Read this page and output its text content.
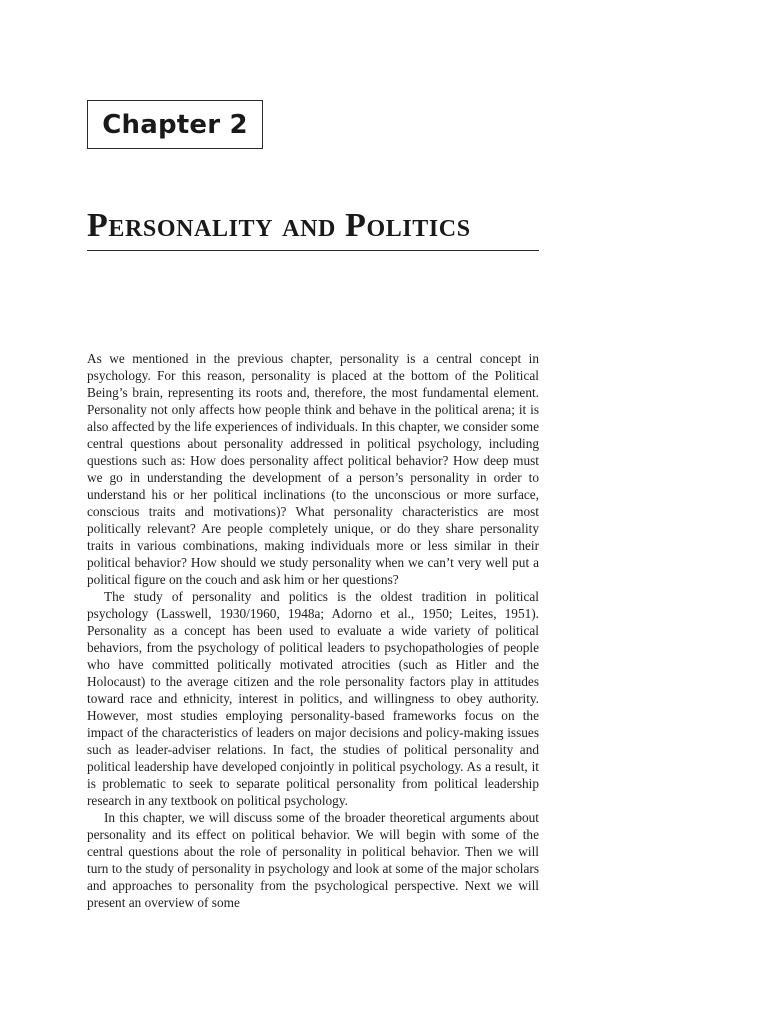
Chapter 2
Personality and Politics

As we mentioned in the previous chapter, personality is a central concept in psychology. For this reason, personality is placed at the bottom of the Political Being’s brain, representing its roots and, therefore, the most fundamental element. Personality not only affects how people think and behave in the political arena; it is also affected by the life experiences of individuals. In this chapter, we consider some central questions about personality addressed in political psychology, including questions such as: How does personality affect political behavior? How deep must we go in understanding the development of a person’s personality in order to understand his or her political inclinations (to the unconscious or more surface, conscious traits and motivations)? What personality characteristics are most politically relevant? Are people completely unique, or do they share personality traits in various combinations, making individuals more or less similar in their political behavior? How should we study personality when we can’t very well put a political figure on the couch and ask him or her questions?

The study of personality and politics is the oldest tradition in political psychology (Lasswell, 1930/1960, 1948a; Adorno et al., 1950; Leites, 1951). Personality as a concept has been used to evaluate a wide variety of political behaviors, from the psychology of political leaders to psychopathologies of people who have committed politically motivated atrocities (such as Hitler and the Holocaust) to the average citizen and the role personality factors play in attitudes toward race and ethnicity, interest in politics, and willingness to obey authority. However, most studies employing personality-based frameworks focus on the impact of the characteristics of leaders on major decisions and policy-making issues such as leader-adviser relations. In fact, the studies of political personality and political leadership have developed conjointly in political psychology. As a result, it is problematic to seek to separate political personality from political leadership research in any textbook on political psychology.

In this chapter, we will discuss some of the broader theoretical arguments about personality and its effect on political behavior. We will begin with some of the central questions about the role of personality in political behavior. Then we will turn to the study of personality in psychology and look at some of the major scholars and approaches to personality from the psychological perspective. Next we will present an overview of some
